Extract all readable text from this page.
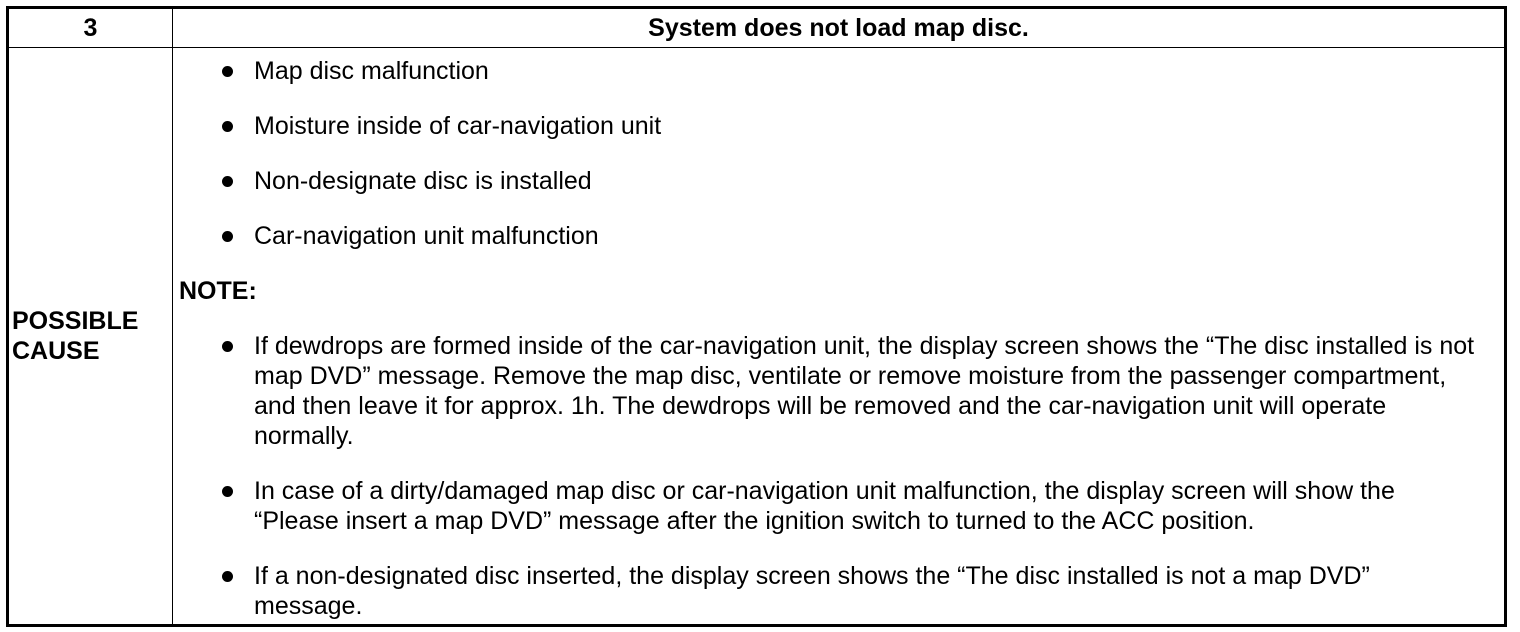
3	System does not load map disc.
POSSIBLE CAUSE
Map disc malfunction
Moisture inside of car-navigation unit
Non-designate disc is installed
Car-navigation unit malfunction
NOTE:
If dewdrops are formed inside of the car-navigation unit, the display screen shows the “The disc installed is not
map DVD” message. Remove the map disc, ventilate or remove moisture from the passenger compartment,
and then leave it for approx. 1h. The dewdrops will be removed and the car-navigation unit will operate
normally.
In case of a dirty/damaged map disc or car-navigation unit malfunction, the display screen will show the
“Please insert a map DVD” message after the ignition switch to turned to the ACC position.
If a non-designated disc inserted, the display screen shows the “The disc installed is not a map DVD”
message.
